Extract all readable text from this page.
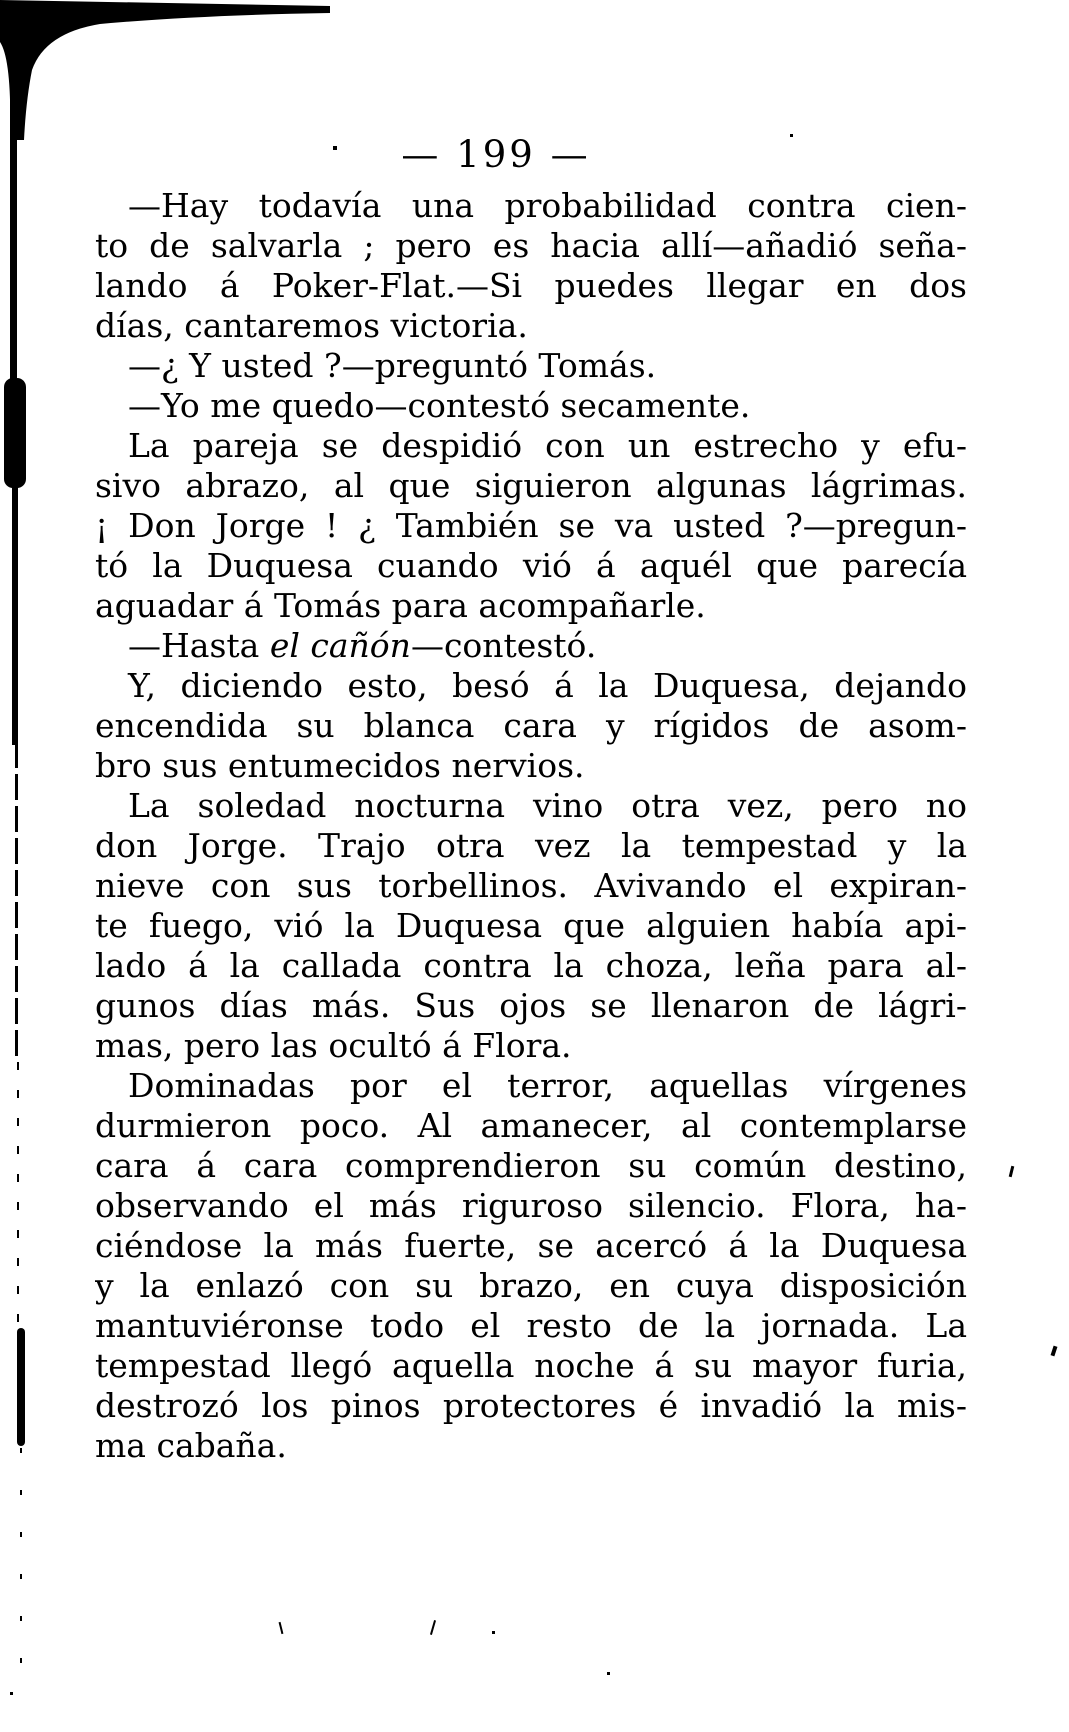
— 199 —
—Hay todavía una probabilidad contra cien-
to de salvarla ; pero es hacia allí—añadió seña-
lando á Poker-Flat.—Si puedes llegar en dos
días, cantaremos victoria.
—¿ Y usted ?—preguntó Tomás.
—Yo me quedo—contestó secamente.
La pareja se despidió con un estrecho y efu-
sivo abrazo, al que siguieron algunas lágrimas.
¡ Don Jorge ! ¿ También se va usted ?—pregun-
tó la Duquesa cuando vió á aquél que parecía
aguadar á Tomás para acompañarle.
—Hasta el cañón—contestó.
Y, diciendo esto, besó á la Duquesa, dejando
encendida su blanca cara y rígidos de asom-
bro sus entumecidos nervios.
La soledad nocturna vino otra vez, pero no
don Jorge. Trajo otra vez la tempestad y la
nieve con sus torbellinos. Avivando el expiran-
te fuego, vió la Duquesa que alguien había api-
lado á la callada contra la choza, leña para al-
gunos días más. Sus ojos se llenaron de lágri-
mas, pero las ocultó á Flora.
Dominadas por el terror, aquellas vírgenes
durmieron poco. Al amanecer, al contemplarse
cara á cara comprendieron su común destino,
observando el más riguroso silencio. Flora, ha-
ciéndose la más fuerte, se acercó á la Duquesa
y la enlazó con su brazo, en cuya disposición
mantuviéronse todo el resto de la jornada. La
tempestad llegó aquella noche á su mayor furia,
destrozó los pinos protectores é invadió la mis-
ma cabaña.
